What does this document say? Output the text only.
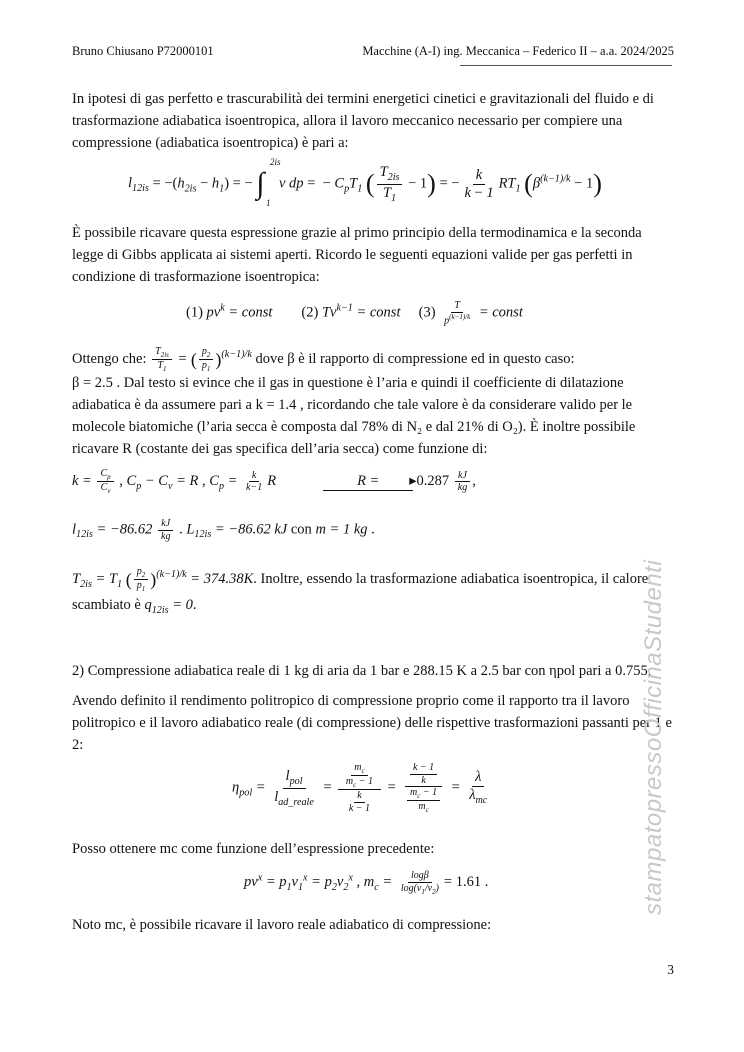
Bruno Chiusano P72000101	Macchine (A-I) ing. Meccanica – Federico II – a.a. 2024/2025
In ipotesi di gas perfetto e trascurabilità dei termini energetici cinetici e gravitazionali del fluido e di trasformazione adiabatica isoentropica, allora il lavoro meccanico necessario per compiere una compressione (adiabatica isoentropica) è pari a:
$l_{12is} = -(h_{2is} - h_1)$ = − ∫
2is
1
v dp =  − $C_pT_1$ ( $\frac{T_{2is}}{T_1} - 1$) = − $\frac{k}{k - 1} RT_1$ $(\beta^{(k-1)/k} - 1)$
È possibile ricavare questa espressione grazie al primo principio della termodinamica e la seconda legge di Gibbs applicata ai sistemi aperti. Ricordo le seguenti equazioni valide per gas perfetti in condizione di trasformazione isoentropica:
(1) $pv^k$ = const        (2) $Tv^{k-1}$ = const     $(3) \frac{T}{p^{(k-1)/k}}$ = const
Ottengo che: $\frac{T_{2is}}{T_1}$ = ( $\frac{p_2}{p_1} )^{(k-1)/k}$ dove β è il rapporto di compressione ed in questo caso:
β = 2.5 . Dal testo si evince che il gas in questione è l’aria e quindi il coefficiente di dilatazione adiabatica è da assumere pari a k = 1.4 , ricordando che tale valore è da considerare valido per le molecole biatomiche (l’aria secca è composta dal 78% di N₂ e dal 21% di O₂). È inoltre possibile ricavare R (costante dei gas specifica dell’aria secca) come funzione di:
$k = \frac{C_p}{C_v}$ , $C_p - C_v = R$ , $C_p = \frac{k}{k-1}$ R             R = ▸0.287 $\frac{kJ}{kg}$ ,
$l_{12is} = -86.62 \frac{kJ}{kg}$ . $L_{12is} = -86.62$ kJ con m = 1 kg .
$T_{2is} = T_1$ ( $\frac{p_2}{p_1} )^{(k-1)/k} = 374.38K$. Inoltre, essendo la trasformazione adiabatica isoentropica, il calore
scambiato è $q_{12is} = 0$.
2) Compressione adiabatica reale di 1 kg di aria da 1 bar e 288.15 K a 2.5 bar con ηpol pari a 0.755;
Avendo definito il rendimento politropico di compressione proprio come il rapporto tra il lavoro politropico e il lavoro adiabatico reale (di compressione) delle rispettive trasformazioni passanti per 1 e 2:
$\eta_{pol} = \frac{l_{pol}}{l_{ad\_reale}} = \frac{\frac{m_c}{m_c - 1}}{\frac{k}{k - 1}} = \frac{\frac{k - 1}{k}}{\frac{m_c - 1}{m_c}} = \frac{\lambda}{\lambda_{mc}}$
Posso ottenere mc come funzione dell’espressione precedente:
$pv^x = p_1v_1^x = p_2v_2^x$ , $m_c = \frac{\log\beta}{\log(v_1/v_2)} = 1.61$ .
Noto mc, è possibile ricavare il lavoro reale adiabatico di compressione:
stampatopressoOfficinaStudenti
3
